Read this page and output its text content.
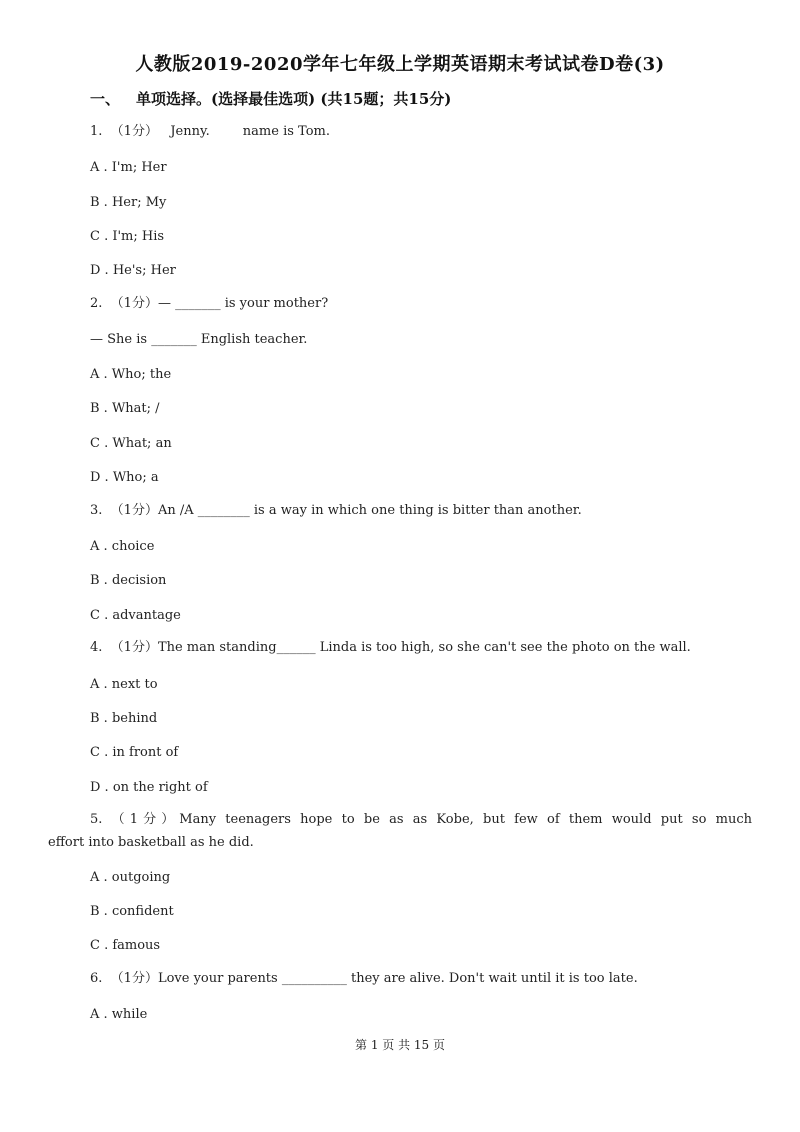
人教版2019-2020学年七年级上学期英语期末考试试卷D卷(3)
一、 单项选择。(选择最佳选项) (共15题；共15分)
1.  （1分）   Jenny.        name is Tom.
A . I'm; Her
B . Her; My
C . I'm; His
D . He's; Her
2.  （1分）— _______ is your mother?
— She is _______ English teacher.
A . Who; the
B . What; /
C . What; an
D . Who; a
3.  （1分）An /A ________ is a way in which one thing is bitter than another.
A . choice
B . decision
C . advantage
4.  （1分）The man standing______ Linda is too high, so she can't see the photo on the wall.
A . next to
B . behind
C . in front of
D . on the right of
5. （1分）Many teenagers hope to be as as Kobe, but few of them would put so much
effort into basketball as he did.
A . outgoing
B . confident
C . famous
6.  （1分）Love your parents __________ they are alive. Don't wait until it is too late.
A . while
第 1 页 共 15 页
